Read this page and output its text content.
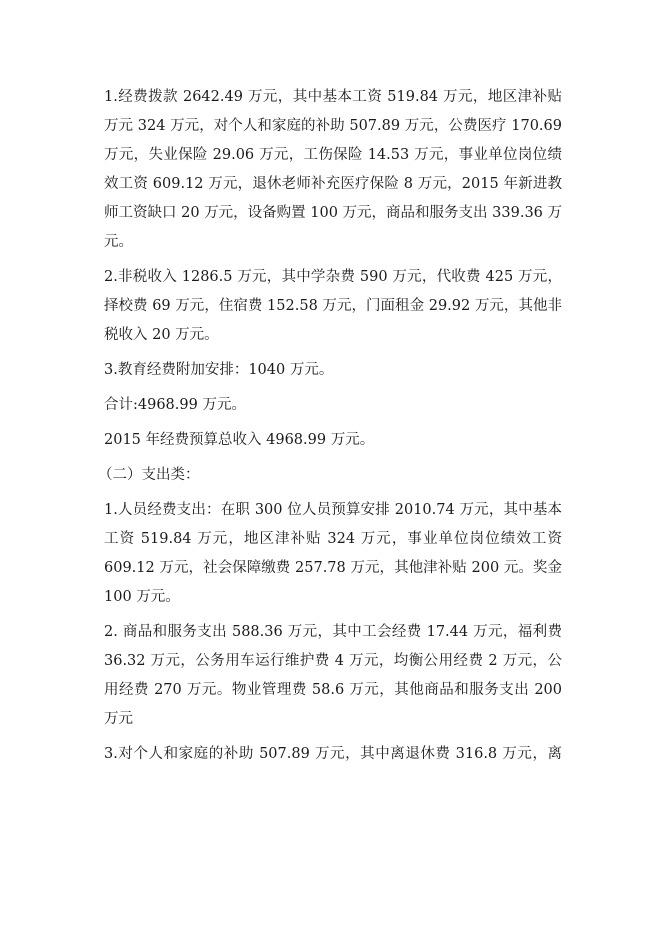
1.经费拨款 2642.49 万元，其中基本工资 519.84 万元，地区津补贴
万元 324 万元，对个人和家庭的补助 507.89 万元，公费医疗 170.69
万元，失业保险 29.06 万元，工伤保险 14.53 万元，事业单位岗位绩
效工资 609.12 万元，退休老师补充医疗保险 8 万元，2015 年新进教
师工资缺口 20 万元，设备购置 100 万元，商品和服务支出 339.36 万
元。
2.非税收入 1286.5 万元，其中学杂费 590 万元，代收费 425 万元，
择校费 69 万元，住宿费 152.58 万元，门面租金 29.92 万元，其他非
税收入 20 万元。
3.教育经费附加安排：1040 万元。
合计:4968.99 万元。
2015 年经费预算总收入 4968.99 万元。
（二）支出类：
1.人员经费支出：在职 300 位人员预算安排 2010.74 万元，其中基本
工资 519.84 万元，地区津补贴 324 万元，事业单位岗位绩效工资
609.12 万元，社会保障缴费 257.78 万元，其他津补贴 200 元。奖金
100 万元。
2. 商品和服务支出 588.36 万元，其中工会经费 17.44 万元，福利费
36.32 万元，公务用车运行维护费 4 万元，均衡公用经费 2 万元，公
用经费 270 万元。物业管理费 58.6 万元，其他商品和服务支出 200
万元
3.对个人和家庭的补助 507.89 万元，其中离退休费 316.8 万元，离
